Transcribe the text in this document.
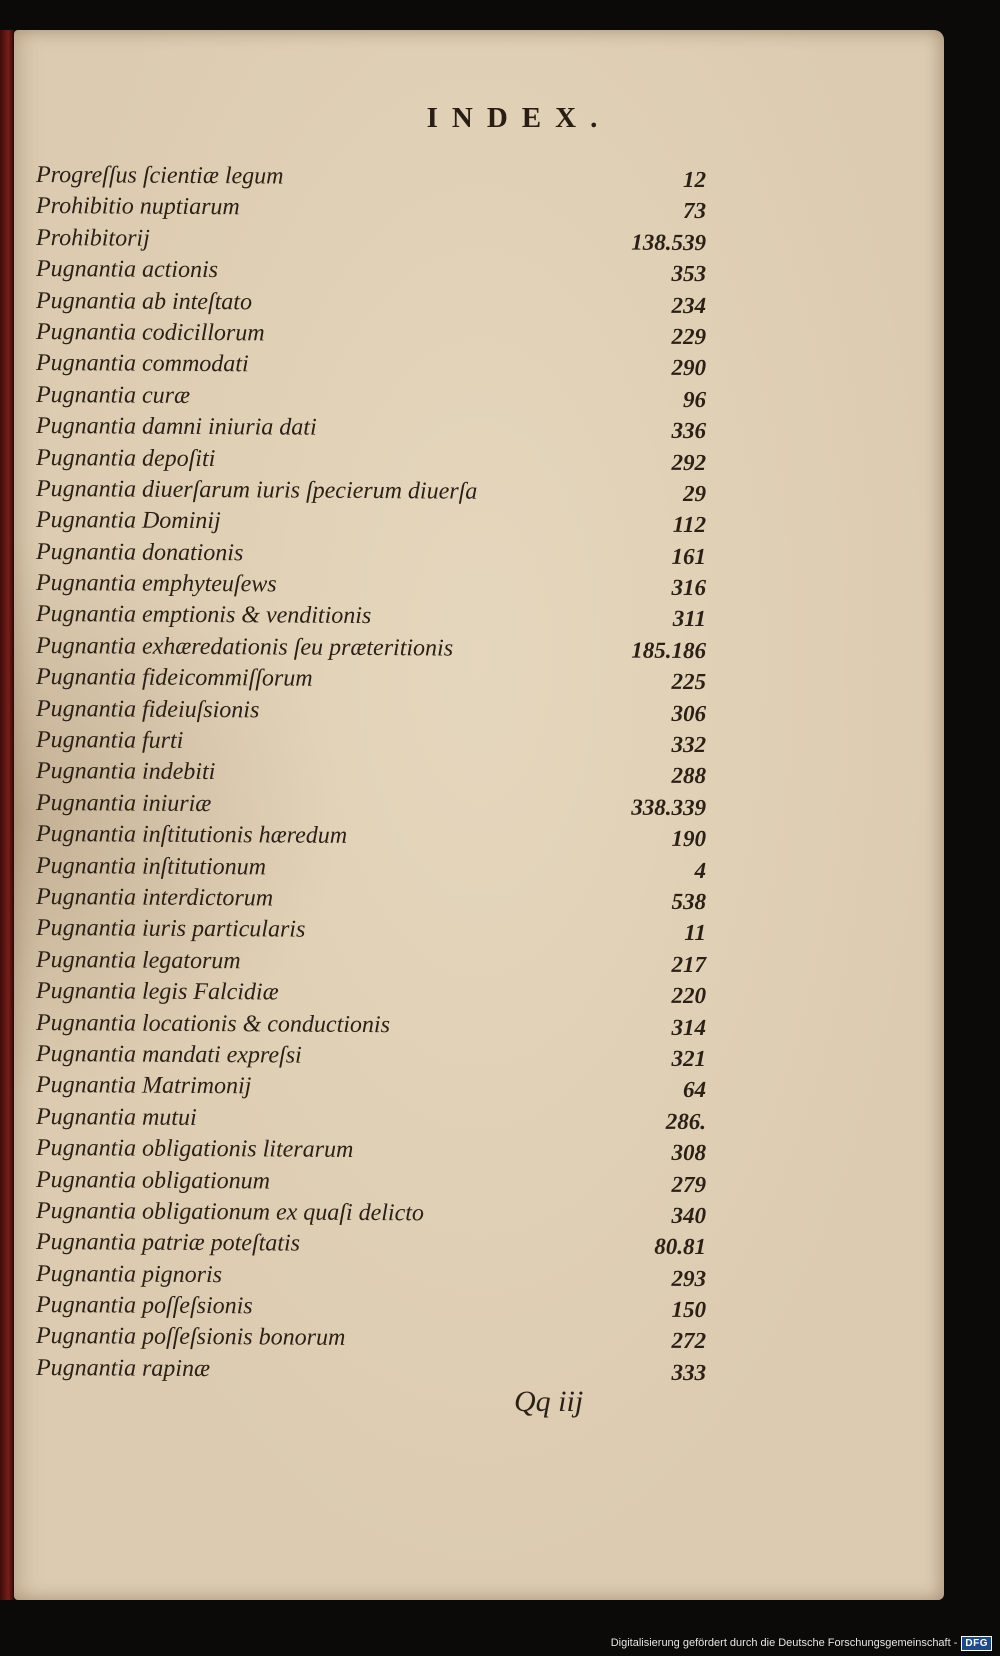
INDEX.
Progreſſus ſcientiæ legum	12
Prohibitio nuptiarum	73
Prohibitorij	138.539
Pugnantia actionis	353
Pugnantia ab inteſtato	234
Pugnantia codicillorum	229
Pugnantia commodati	290
Pugnantia curæ	96
Pugnantia damni iniuria dati	336
Pugnantia depoſiti	292
Pugnantia diuerſarum iuris ſpecierum diuerſa	29
Pugnantia Dominij	112
Pugnantia donationis	161
Pugnantia emphyteuſews	316
Pugnantia emptionis & venditionis	311
Pugnantia exhæredationis ſeu præteritionis	185.186
Pugnantia fideicommiſſorum	225
Pugnantia fideiuſsionis	306
Pugnantia furti	332
Pugnantia indebiti	288
Pugnantia iniuriæ	338.339
Pugnantia inſtitutionis hæredum	190
Pugnantia inſtitutionum	4
Pugnantia interdictorum	538
Pugnantia iuris particularis	11
Pugnantia legatorum	217
Pugnantia legis Falcidiæ	220
Pugnantia locationis & conductionis	314
Pugnantia mandati expreſsi	321
Pugnantia Matrimonij	64
Pugnantia mutui	286.
Pugnantia obligationis literarum	308
Pugnantia obligationum	279
Pugnantia obligationum ex quaſi delicto	340
Pugnantia patriæ poteſtatis	80.81
Pugnantia pignoris	293
Pugnantia poſſeſsionis	150
Pugnantia poſſeſsionis bonorum	272
Pugnantia rapinæ	333
Qq iij
Digitalisierung gefördert durch die Deutsche Forschungsgemeinschaft - DFG
